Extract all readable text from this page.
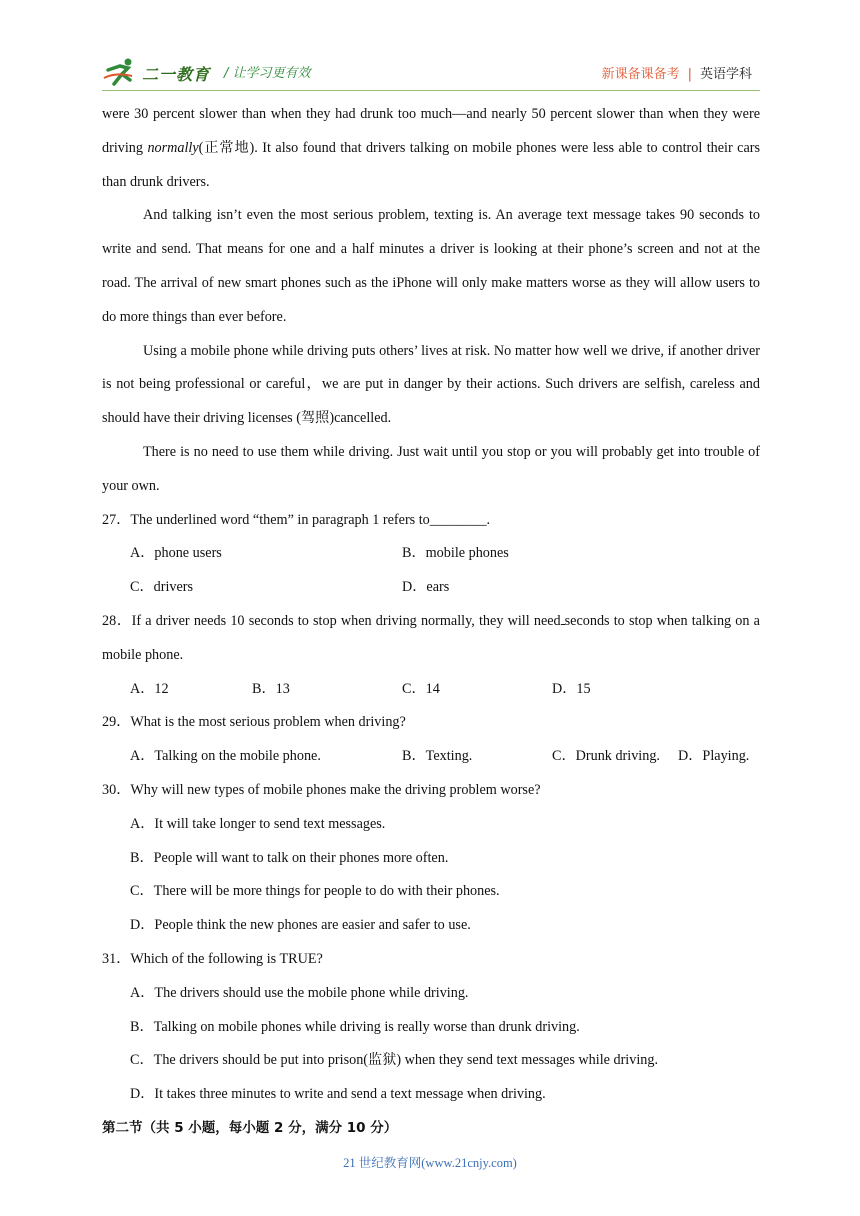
二一教育 / 让学习更有效	新课备课备考 | 英语学科

were 30 percent slower than when they had drunk too much—and nearly 50 percent slower than when they were driving normally(正常地). It also found that drivers talking on mobile phones were less able to control their cars than drunk drivers.

And talking isn’t even the most serious problem, texting is. An average text message takes 90 seconds to write and send. That means for one and a half minutes a driver is looking at their phone’s screen and not at the road. The arrival of new smart phones such as the iPhone will only make matters worse as they will allow users to do more things than ever before.

Using a mobile phone while driving puts others’ lives at risk. No matter how well we drive, if another driver is not being professional or careful，we are put in danger by their actions. Such drivers are selfish, careless and should have their driving licenses (驾照)cancelled.

There is no need to use them while driving. Just wait until you stop or you will probably get into trouble of your own.

27．The underlined word “them” in paragraph 1 refers to________.

A．phone users	B．mobile phones
C．drivers	D．ears

28．If a driver needs 10 seconds to stop when driving normally, they will need seconds to stop when talking on a mobile phone.

A．12	B．13	C．14	D．15

29．What is the most serious problem when driving?

A．Talking on the mobile phone.	B．Texting.	C．Drunk driving. D．Playing.

30．Why will new types of mobile phones make the driving problem worse?

A．It will take longer to send text messages.

B．People will want to talk on their phones more often.

C．There will be more things for people to do with their phones.

D．People think the new phones are easier and safer to use.

31．Which of the following is TRUE?

A．The drivers should use the mobile phone while driving.

B．Talking on mobile phones while driving is really worse than drunk driving.

C．The drivers should be put into prison(监狱) when they send text messages while driving.

D．It takes three minutes to write and send a text message when driving.

第二节（共 5 小题，每小题 2 分，满分 10 分）

21 世纪教育网(www.21cnjy.com)
